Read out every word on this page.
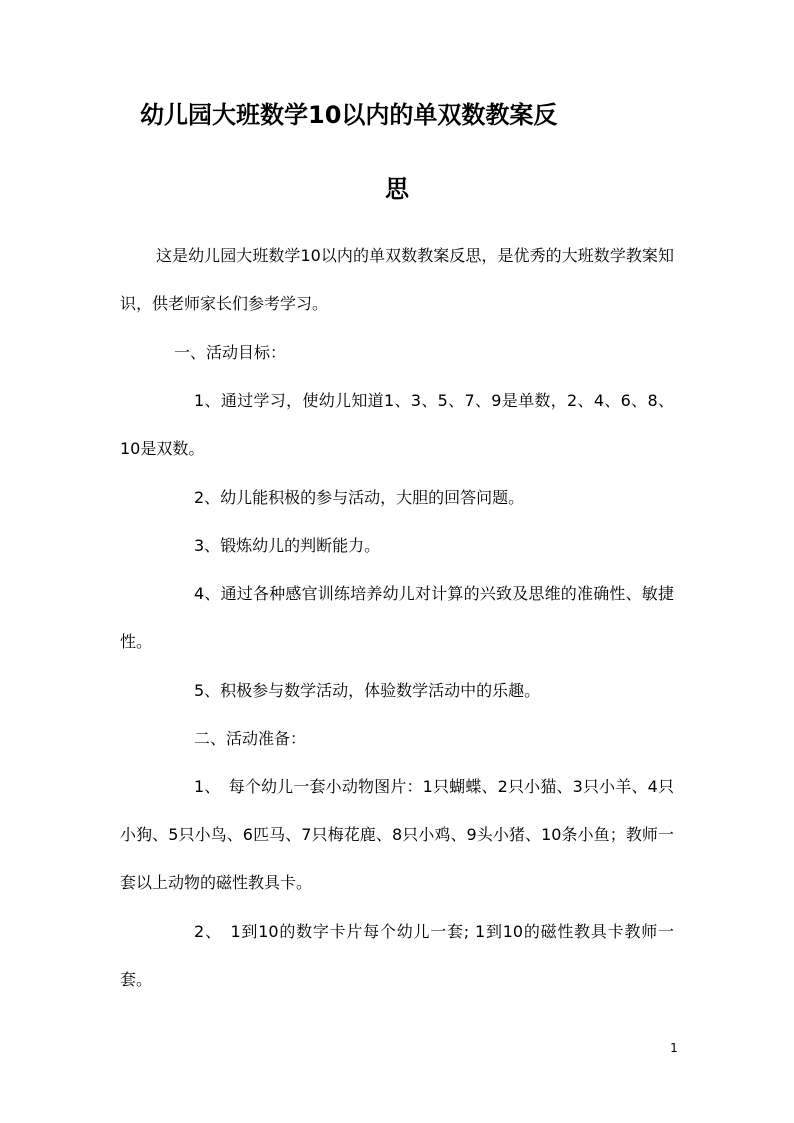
幼儿园大班数学10以内的单双数教案反
思

这是幼儿园大班数学10以内的单双数教案反思，是优秀的大班数学教案知识，供老师家长们参考学习。

一、活动目标：

1、通过学习，使幼儿知道1、3、5、7、9是单数，2、4、6、8、10是双数。

2、幼儿能积极的参与活动，大胆的回答问题。

3、锻炼幼儿的判断能力。

4、通过各种感官训练培养幼儿对计算的兴致及思维的准确性、敏捷性。

5、积极参与数学活动，体验数学活动中的乐趣。

二、活动准备：

1、　每个幼儿一套小动物图片：1只蝴蝶、2只小猫、3只小羊、4只小狗、5只小鸟、6匹马、7只梅花鹿、8只小鸡、9头小猪、10条小鱼；教师一套以上动物的磁性教具卡。

2、　1到10的数字卡片每个幼儿一套; 1到10的磁性教具卡教师一套。

1
